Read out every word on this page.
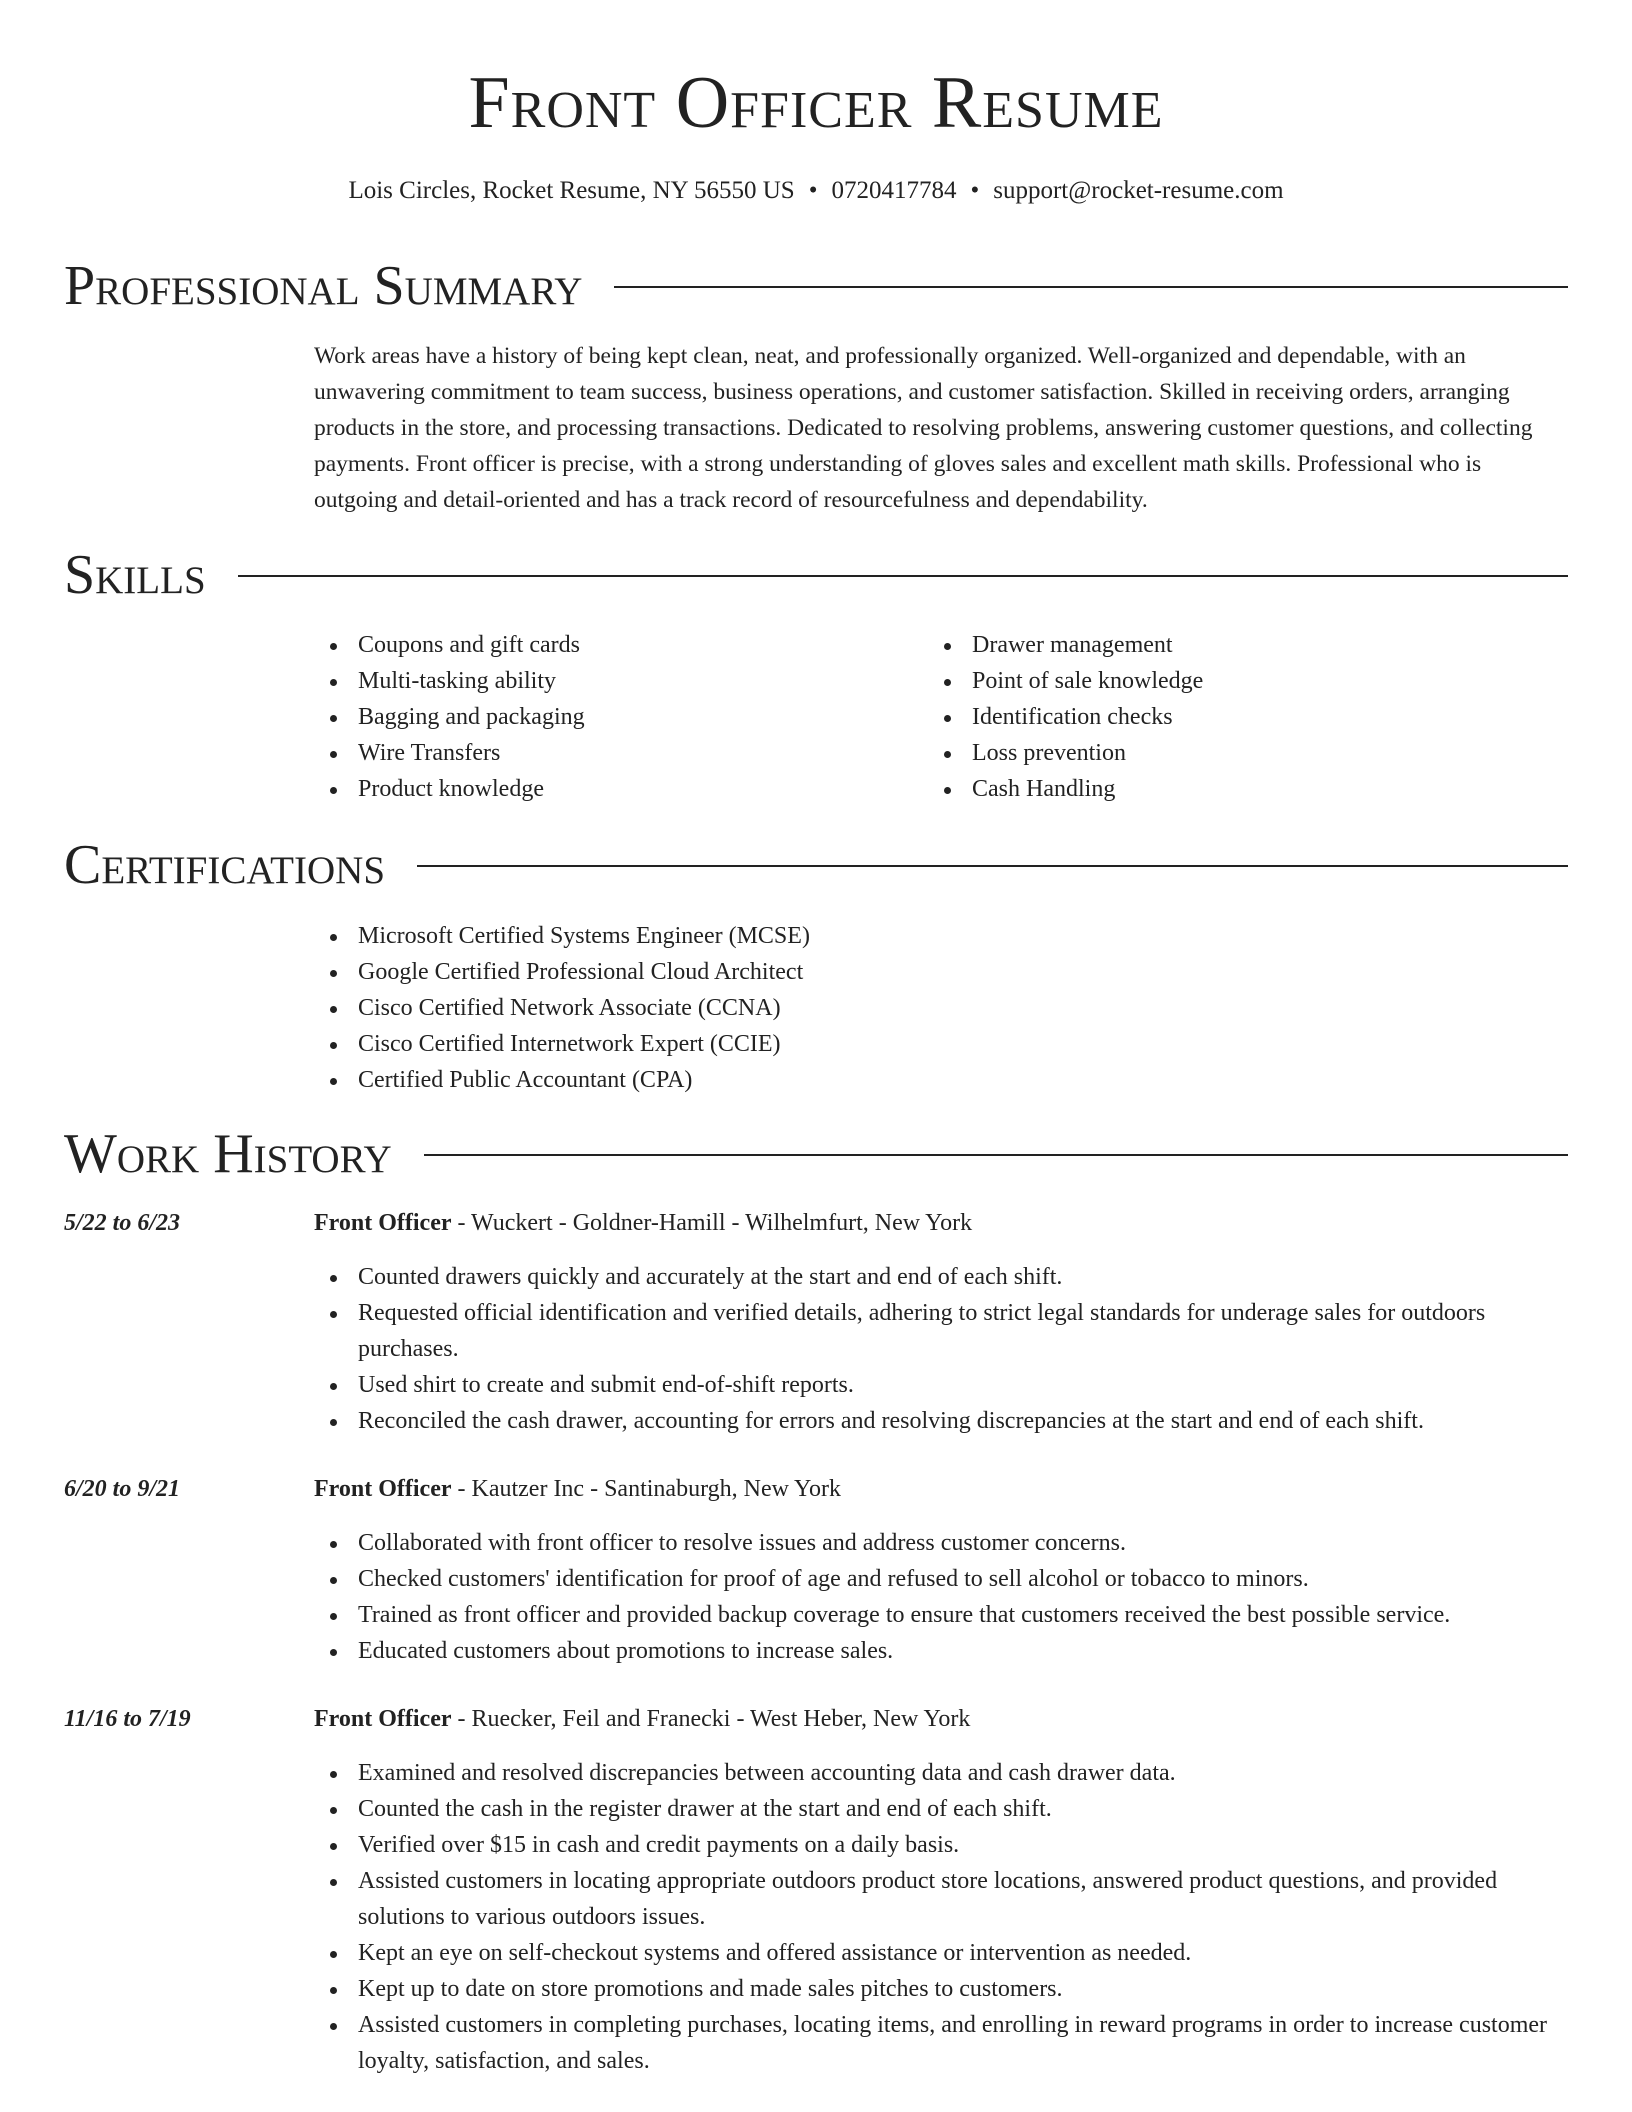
Front Officer Resume
Lois Circles, Rocket Resume, NY 56550 US • 0720417784 • support@rocket-resume.com
Professional Summary

Work areas have a history of being kept clean, neat, and professionally organized. Well-organized and dependable, with an unwavering commitment to team success, business operations, and customer satisfaction. Skilled in receiving orders, arranging products in the store, and processing transactions. Dedicated to resolving problems, answering customer questions, and collecting payments. Front officer is precise, with a strong understanding of gloves sales and excellent math skills. Professional who is outgoing and detail-oriented and has a track record of resourcefulness and dependability.

Skills
Coupons and gift cards
Multi-tasking ability
Bagging and packaging
Wire Transfers
Product knowledge
Drawer management
Point of sale knowledge
Identification checks
Loss prevention
Cash Handling
Certifications
Microsoft Certified Systems Engineer (MCSE)
Google Certified Professional Cloud Architect
Cisco Certified Network Associate (CCNA)
Cisco Certified Internetwork Expert (CCIE)
Certified Public Accountant (CPA)
Work History
5/22 to 6/23	Front Officer - Wuckert - Goldner-Hamill - Wilhelmfurt, New York
Counted drawers quickly and accurately at the start and end of each shift.
Requested official identification and verified details, adhering to strict legal standards for underage sales for outdoors purchases.
Used shirt to create and submit end-of-shift reports.
Reconciled the cash drawer, accounting for errors and resolving discrepancies at the start and end of each shift.
6/20 to 9/21	Front Officer - Kautzer Inc - Santinaburgh, New York
Collaborated with front officer to resolve issues and address customer concerns.
Checked customers' identification for proof of age and refused to sell alcohol or tobacco to minors.
Trained as front officer and provided backup coverage to ensure that customers received the best possible service.
Educated customers about promotions to increase sales.
11/16 to 7/19	Front Officer - Ruecker, Feil and Franecki - West Heber, New York
Examined and resolved discrepancies between accounting data and cash drawer data.
Counted the cash in the register drawer at the start and end of each shift.
Verified over $15 in cash and credit payments on a daily basis.
Assisted customers in locating appropriate outdoors product store locations, answered product questions, and provided solutions to various outdoors issues.
Kept an eye on self-checkout systems and offered assistance or intervention as needed.
Kept up to date on store promotions and made sales pitches to customers.
Assisted customers in completing purchases, locating items, and enrolling in reward programs in order to increase customer loyalty, satisfaction, and sales.
